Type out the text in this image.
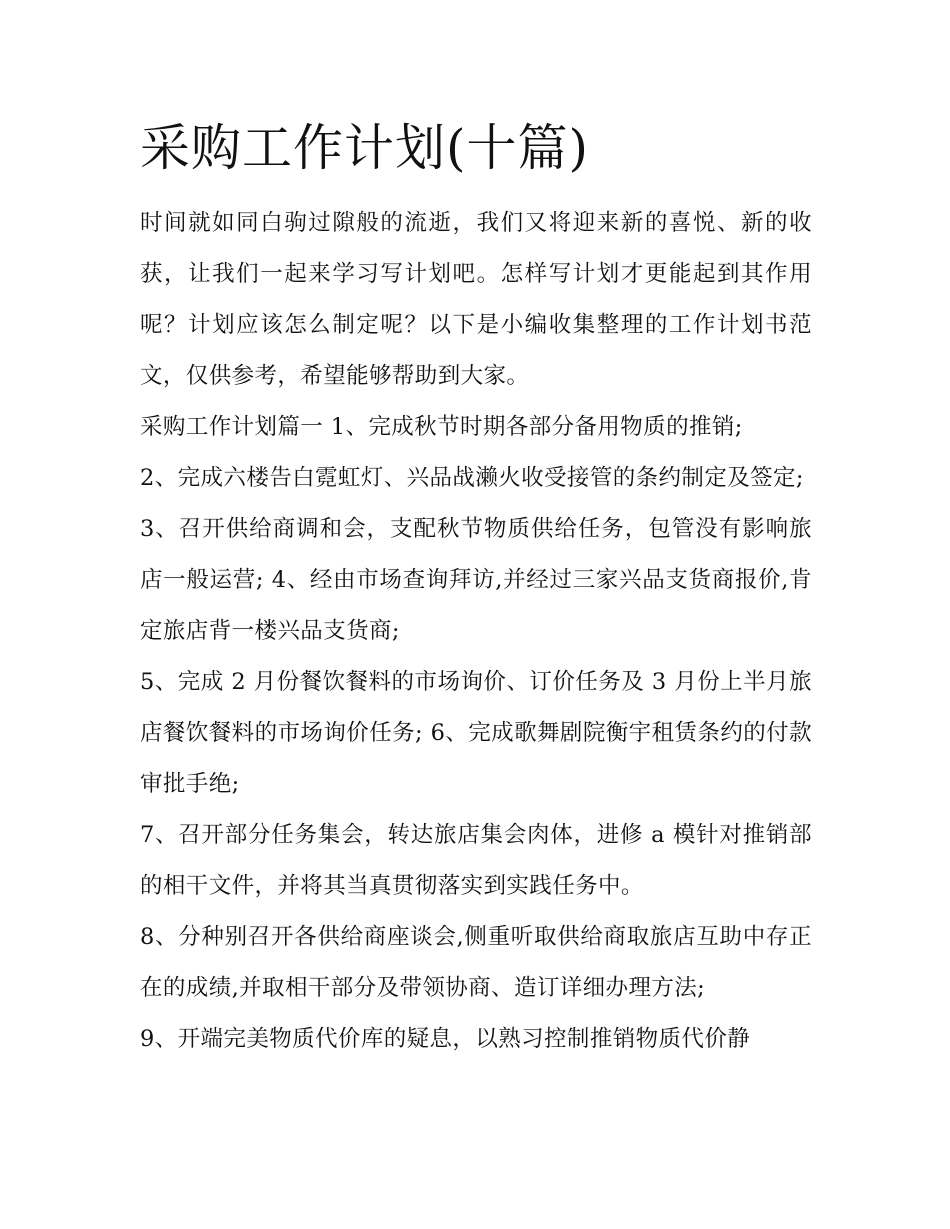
采购工作计划(十篇)

时间就如同白驹过隙般的流逝，我们又将迎来新的喜悦、新的收获，让我们一起来学习写计划吧。怎样写计划才更能起到其作用呢？计划应该怎么制定呢？以下是小编收集整理的工作计划书范文，仅供参考，希望能够帮助到大家。

采购工作计划篇一 1、完成秋节时期各部分备用物质的推销;

2、完成六楼告白霓虹灯、兴品战濑火收受接管的条约制定及签定;

3、召开供给商调和会，支配秋节物质供给任务，包管没有影响旅店一般运营; 4、经由市场查询拜访,并经过三家兴品支货商报价,肯定旅店背一楼兴品支货商;

5、完成 2 月份餐饮餐料的市场询价、订价任务及 3 月份上半月旅店餐饮餐料的市场询价任务; 6、完成歌舞剧院衡宇租赁条约的付款审批手绝;

7、召开部分任务集会，转达旅店集会肉体，进修 a 模针对推销部的相干文件，并将其当真贯彻落实到实践任务中。

8、分种别召开各供给商座谈会,侧重听取供给商取旅店互助中存正在的成绩,并取相干部分及带领协商、造订详细办理方法;

9、开端完美物质代价库的疑息，以熟习控制推销物质代价静
